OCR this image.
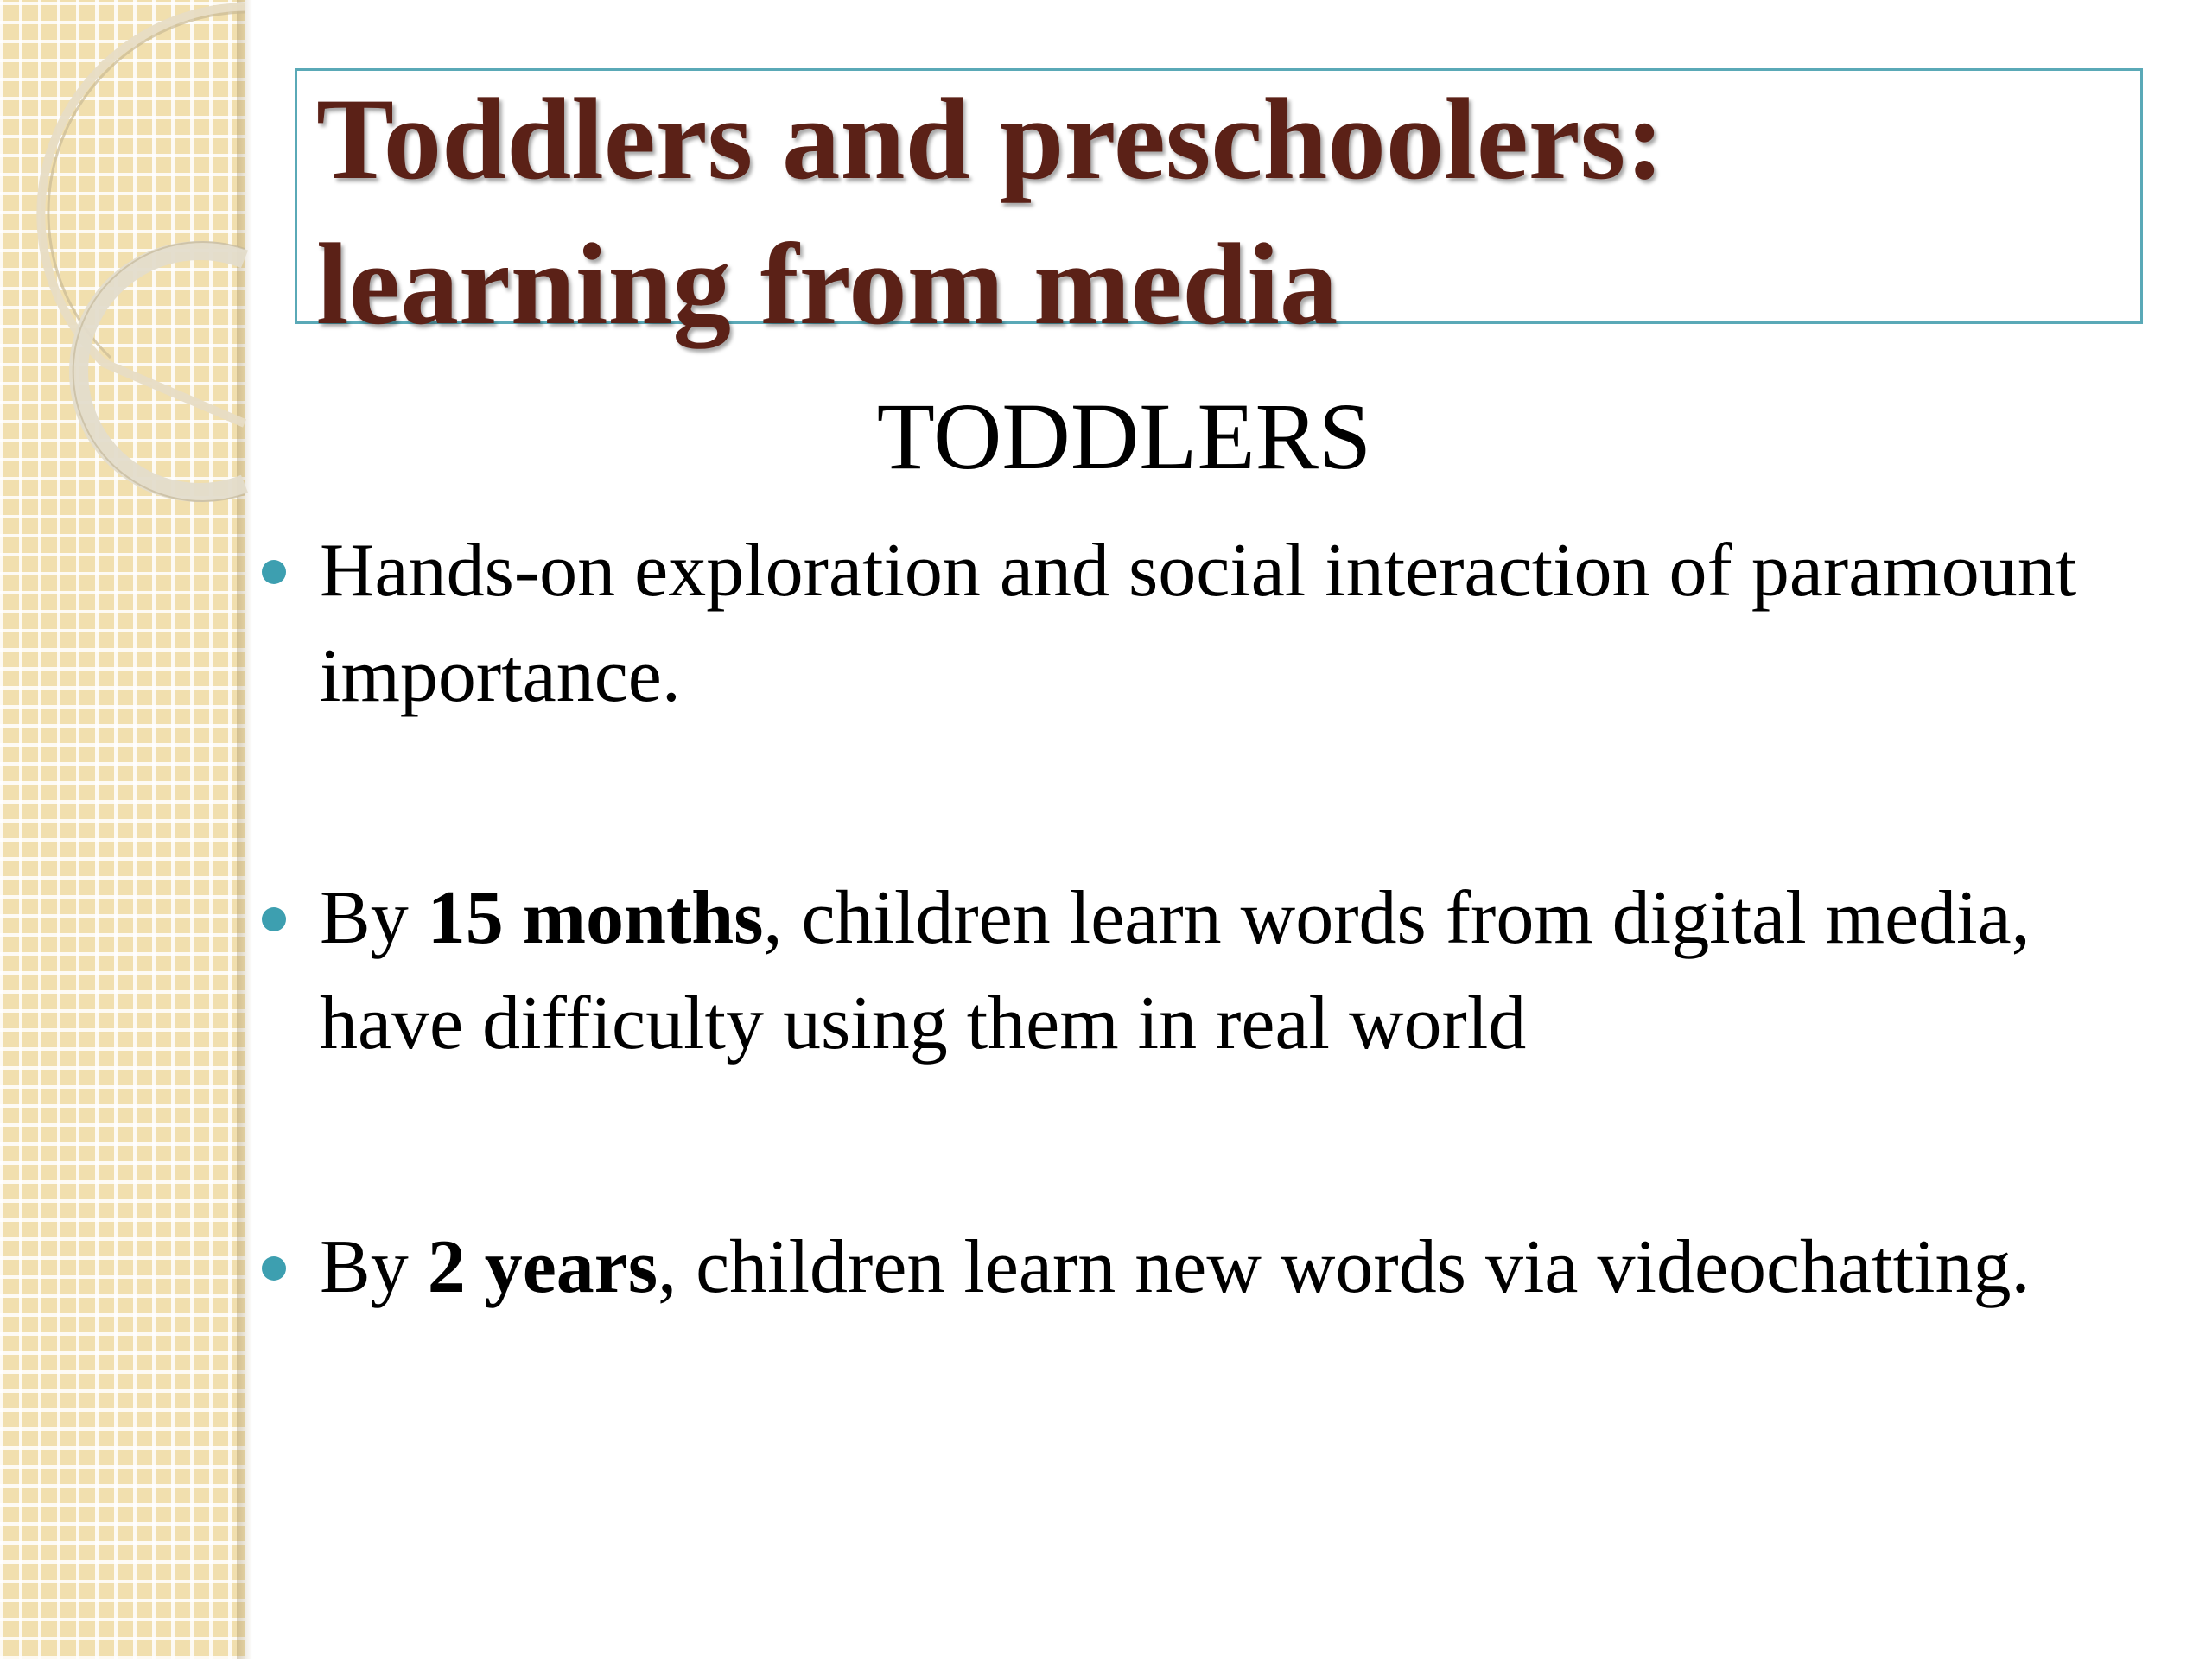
Toddlers and preschoolers:
learning from media
TODDLERS
Hands-on exploration and social interaction of paramount importance.
By 15 months, children learn words from digital media, have difficulty using them in real world
By 2 years, children learn new words via videochatting.
